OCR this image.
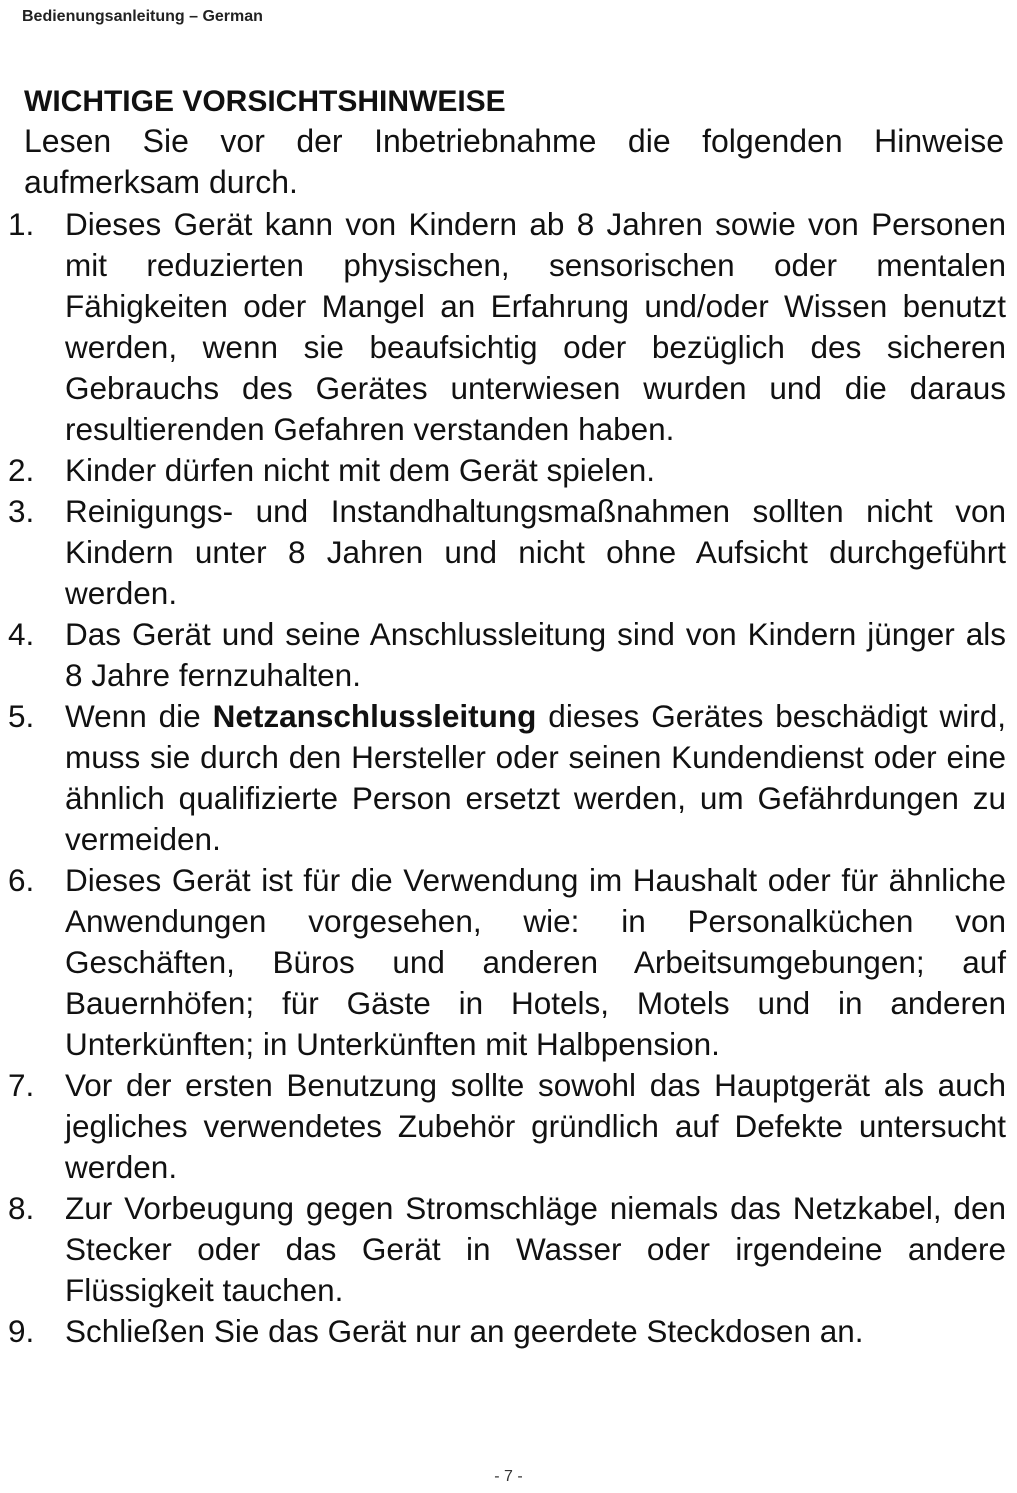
Bedienungsanleitung – German
WICHTIGE VORSICHTSHINWEISE
Lesen Sie vor der Inbetriebnahme die folgenden Hinweise aufmerksam durch.
1. Dieses Gerät kann von Kindern ab 8 Jahren sowie von Personen mit reduzierten physischen, sensorischen oder mentalen Fähigkeiten oder Mangel an Erfahrung und/oder Wissen benutzt werden, wenn sie beaufsichtig oder bezüglich des sicheren Gebrauchs des Gerätes unterwiesen wurden und die daraus resultierenden Gefahren verstanden haben.
2. Kinder dürfen nicht mit dem Gerät spielen.
3. Reinigungs- und Instandhaltungsmaßnahmen sollten nicht von Kindern unter 8 Jahren und nicht ohne Aufsicht durchgeführt werden.
4. Das Gerät und seine Anschlussleitung sind von Kindern jünger als 8 Jahre fernzuhalten.
5. Wenn die Netzanschlussleitung dieses Gerätes beschädigt wird, muss sie durch den Hersteller oder seinen Kundendienst oder eine ähnlich qualifizierte Person ersetzt werden, um Gefährdungen zu vermeiden.
6. Dieses Gerät ist für die Verwendung im Haushalt oder für ähnliche Anwendungen vorgesehen, wie: in Personalküchen von Geschäften, Büros und anderen Arbeitsumgebungen; auf Bauernhöfen; für Gäste in Hotels, Motels und in anderen Unterkünften; in Unterkünften mit Halbpension.
7. Vor der ersten Benutzung sollte sowohl das Hauptgerät als auch jegliches verwendetes Zubehör gründlich auf Defekte untersucht werden.
8. Zur Vorbeugung gegen Stromschläge niemals das Netzkabel, den Stecker oder das Gerät in Wasser oder irgendeine andere Flüssigkeit tauchen.
9. Schließen Sie das Gerät nur an geerdete Steckdosen an.
- 7 -
